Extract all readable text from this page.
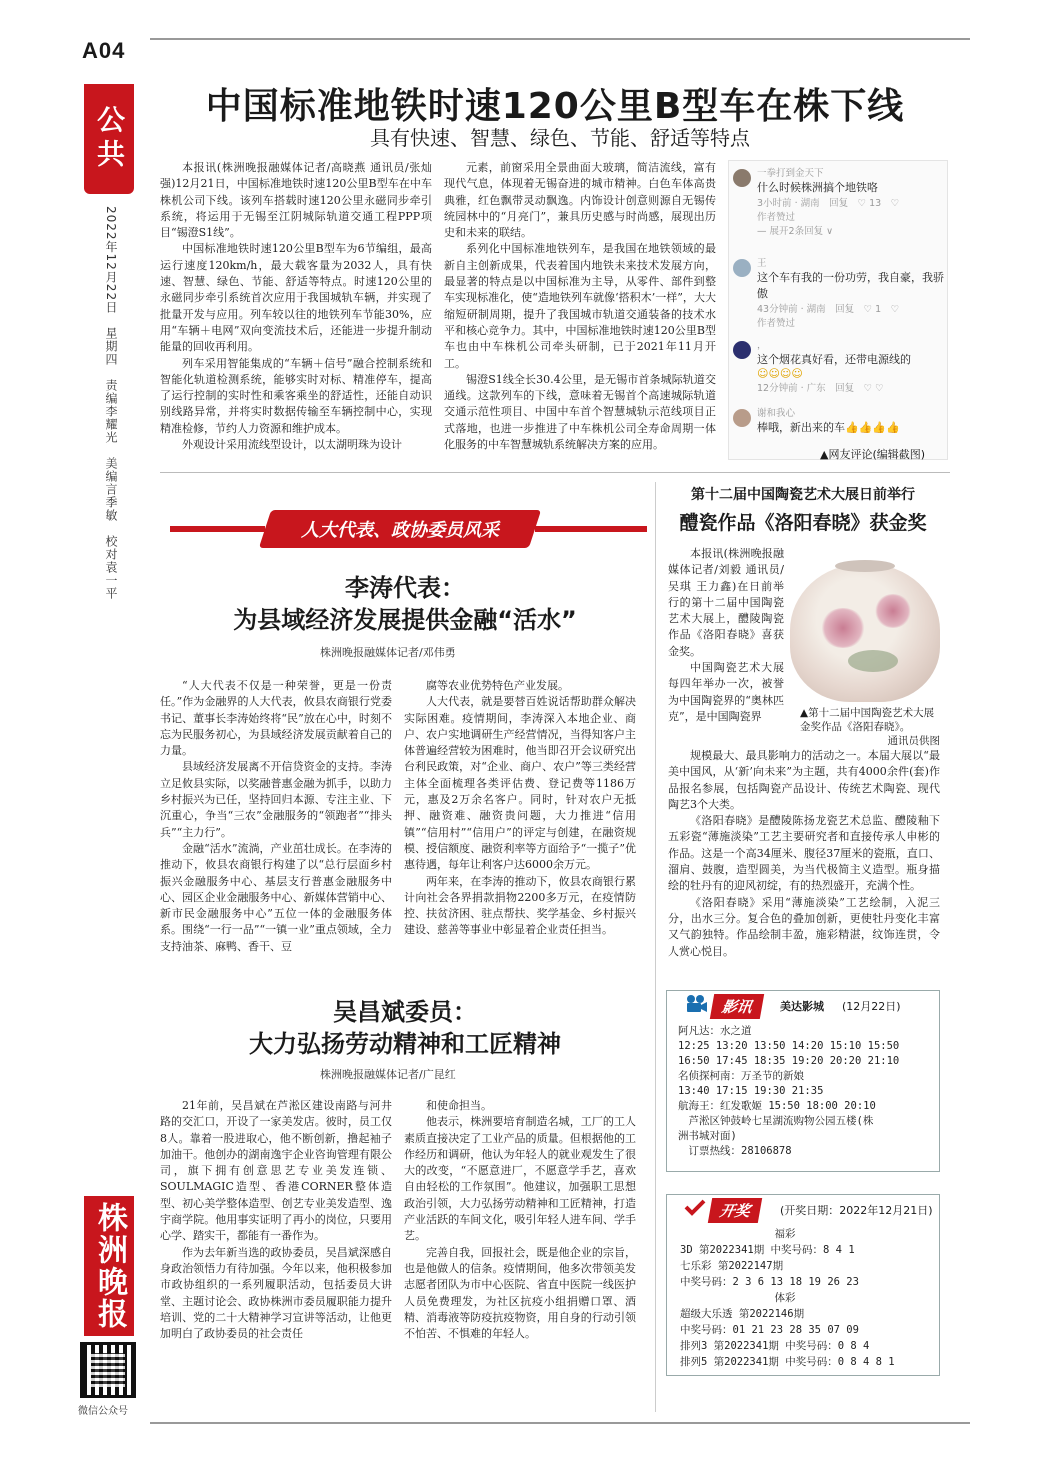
A04
公共
2022年12月22日　星期四　责编李耀光　美编言季敏　校对袁一平
株洲晚报
微信公众号
中国标准地铁时速120公里B型车在株下线
具有快速、智慧、绿色、节能、舒适等特点

本报讯(株洲晚报融媒体记者/高晓燕 通讯员/张灿强)12月21日，中国标准地铁时速120公里B型车在中车株机公司下线。该列车搭载时速120公里永磁同步牵引系统，将运用于无锡至江阴城际轨道交通工程PPP项目“锡澄S1线”。

中国标准地铁时速120公里B型车为6节编组，最高运行速度120km/h，最大载客量为2032人，具有快速、智慧、绿色、节能、舒适等特点。时速120公里的永磁同步牵引系统首次应用于我国城轨车辆，并实现了批量开发与应用。列车较以往的地铁列车节能30%，应用“车辆＋电网”双向变流技术后，还能进一步提升制动能量的回收再利用。

列车采用智能集成的“车辆＋信号”融合控制系统和智能化轨道检测系统，能够实时对标、精准停车，提高了运行控制的实时性和乘客乘坐的舒适性，还能自动识别线路异常，并将实时数据传输至车辆控制中心，实现精准检修，节约人力资源和维护成本。

外观设计采用流线型设计，以太湖明珠为设计

元素，前窗采用全景曲面大玻璃，简洁流线，富有现代气息，体现着无锡奋进的城市精神。白色车体高贵典雅，红色飘带灵动飘逸。内饰设计创意则源自无锡传统园林中的“月亮门”，兼具历史感与时尚感，展现出历史和未来的联结。

系列化中国标准地铁列车，是我国在地铁领域的最新自主创新成果，代表着国内地铁未来技术发展方向，最显著的特点是以中国标准为主导，从零件、部件到整车实现标准化，使“造地铁列车就像‘搭积木’一样”，大大缩短研制周期，提升了我国城市轨道交通装备的技术水平和核心竞争力。其中，中国标准地铁时速120公里B型车也由中车株机公司牵头研制，已于2021年11月开工。

锡澄S1线全长30.4公里，是无锡市首条城际轨道交通线。这款列车的下线，意味着无锡首个高速城际轨道交通示范性项目、中国中车首个智慧城轨示范线项目正式落地，也进一步推进了中车株机公司全寿命周期一体化服务的中车智慧城轨系统解决方案的应用。

一拳打到金天下
什么时候株洲搞个地铁咯
3小时前 · 湖南　回复　♡ 13　♡
作者赞过
— 展开2条回复 ∨
王
这个车有我的一份功劳，我自豪，我骄傲
43分钟前 · 湖南　回复　♡ 1　♡
作者赞过
，
这个烟花真好看，还带电源线的
☺☺☺☺
12分钟前 · 广东　回复　♡ ♡
谢和我心
棒哦，新出来的车👍👍👍👍
▲网友评论(编辑截图)
人大代表、政协委员风采
李涛代表：
为县域经济发展提供金融“活水”
株洲晚报融媒体记者/邓伟勇

“人大代表不仅是一种荣誉，更是一份责任。”作为金融界的人大代表，攸县农商银行党委书记、董事长李涛始终将“民”放在心中，时刻不忘为民服务初心，为县域经济发展贡献着自己的力量。

县域经济发展离不开信贷资金的支持。李涛立足攸县实际，以奖融普惠金融为抓手，以助力乡村振兴为已任，坚持回归本源、专注主业、下沉重心，争当“三农”金融服务的“领跑者”“排头兵”“主力行”。

金融“活水”流淌，产业茁壮成长。在李涛的推动下，攸县农商银行构建了以“总行层面乡村振兴金融服务中心、基层支行普惠金融服务中心、园区企业金融服务中心、新媒体营销中心、新市民金融服务中心”五位一体的金融服务体系。围绕“一行一品”“一镇一业”重点领域，全力支持油茶、麻鸭、香干、豆

腐等农业优势特色产业发展。

人大代表，就是要替百姓说话帮助群众解决实际困难。疫情期间，李涛深入本地企业、商户、农户实地调研生产经营情况，当得知客户主体普遍经营较为困难时，他当即召开会议研究出台利民政策，对“企业、商户、农户”等三类经营主体全面梳理各类评估费、登记费等1186万元，惠及2万余名客户。同时，针对农户无抵押、融资难、融资贵问题，大力推进“信用镇”“信用村”“信用户”的评定与创建，在融资规模、授信额度、融资利率等方面给予“一揽子”优惠待遇，每年让利客户达6000余万元。

两年来，在李涛的推动下，攸县农商银行累计向社会各界捐款捐物2200多万元，在疫情防控、扶贫济困、驻点帮扶、奖学基金、乡村振兴建设、慈善等事业中彰显着企业责任担当。

吴昌斌委员：
大力弘扬劳动精神和工匠精神
株洲晚报融媒体记者/广昆红

21年前，吴昌斌在芦淞区建设南路与河井路的交汇口，开设了一家美发店。彼时，员工仅8人。靠着一股进取心，他不断创新，撸起袖子加油干。他创办的湖南逸宇企业咨询管理有限公司，旗下拥有创意思艺专业美发连锁、SOULMAGIC造型、香港CORNER整体造型、初心美学整体造型、创艺专业美发造型、逸宇商学院。他用事实证明了再小的岗位，只要用心学、踏实干，都能有一番作为。

作为去年新当选的政协委员，吴昌斌深感自身政治领悟力有待加强。今年以来，他积极参加市政协组织的一系列履职活动，包括委员大讲堂、主题讨论会、政协株洲市委员履职能力提升培训、党的二十大精神学习宣讲等活动，让他更加明白了政协委员的社会责任

和使命担当。

他表示，株洲要培育制造名城，工厂的工人素质直接决定了工业产品的质量。但根据他的工作经历和调研，他认为年轻人的就业观发生了很大的改变，“不愿意进厂，不愿意学手艺，喜欢自由轻松的工作氛围”。他建议，加强职工思想政治引领，大力弘扬劳动精神和工匠精神，打造产业活跃的车间文化，吸引年轻人进车间、学手艺。

完善自我，回报社会，既是他企业的宗旨，也是他做人的信条。疫情期间，他多次带领美发志愿者团队为市中心医院、省直中医院一线医护人员免费理发，为社区抗疫小组捐赠口罩、酒精、消毒液等防疫抗疫物资，用自身的行动引领不怕苦、不惧难的年轻人。

第十二届中国陶瓷艺术大展日前举行
醴瓷作品《洛阳春晓》获金奖

本报讯(株洲晚报融媒体记者/刘毅 通讯员/吴琪 王力鑫)在日前举行的第十二届中国陶瓷艺术大展上，醴陵陶瓷作品《洛阳春晓》喜获金奖。

中国陶瓷艺术大展每四年举办一次，被誉为中国陶瓷界的“奥林匹克”，是中国陶瓷界	▲第十二届中国陶瓷艺术大展金奖作品《洛阳春晓》。
通讯员供图

规模最大、最具影响力的活动之一。本届大展以“最美中国风，从‘新’向未来”为主题，共有4000余件(套)作品报名参展，包括陶瓷产品设计、传统艺术陶瓷、现代陶艺3个大类。

《洛阳春晓》是醴陵陈扬龙瓷艺术总监、醴陵釉下五彩瓷“薄施淡染”工艺主要研究者和直接传承人申彬的作品。这是一个高34厘米、腹径37厘米的瓷瓶，直口、溜肩、鼓腹，造型圆美，为当代极简主义造型。瓶身描绘的牡丹有的迎风初绽，有的热烈盛开，充满个性。

《洛阳春晓》采用“薄施淡染”工艺绘制，入泥三分，出水三分。复合色的叠加创新，更使牡丹变化丰富又气韵独特。作品绘制丰盈，施彩精湛，纹饰连贯，令人赏心悦目。

影讯	美达影城 (12月22日)
阿凡达：水之道
12:25 13:20 13:50 14:20 15:10 15:50
16:50 17:45 18:35 19:20 20:20 21:10
名侦探柯南：万圣节的新娘
13:40 17:15 19:30 21:35
航海王：红发歌姬 15:50 18:00 20:10
　芦淞区钟鼓岭七星湖流购物公园五楼(株
洲书城对面)
　订票热线：28106878
开奖	(开奖日期：2022年12月21日)
　　　　　　　　　福彩
3D 第2022341期 中奖号码：8 4 1
七乐彩 第2022147期
中奖号码：2 3 6 13 18 19 26 23
　　　　　　　　　体彩
超级大乐透 第2022146期
中奖号码：01 21 23 28 35 07 09
排列3 第2022341期 中奖号码：0 8 4
排列5 第2022341期 中奖号码：0 8 4 8 1
